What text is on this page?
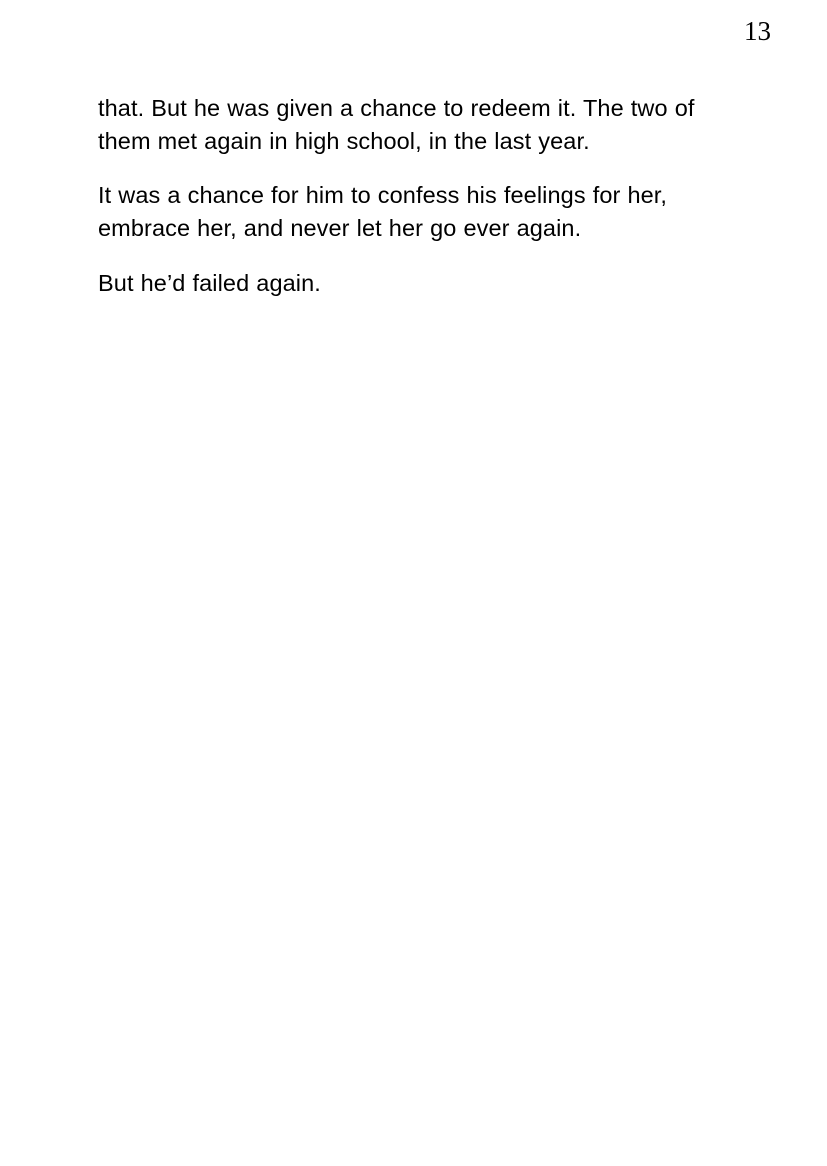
13

that. But he was given a chance to redeem it. The two of them met again in high school, in the last year.

It was a chance for him to confess his feelings for her, embrace her, and never let her go ever again.

But he’d failed again.
